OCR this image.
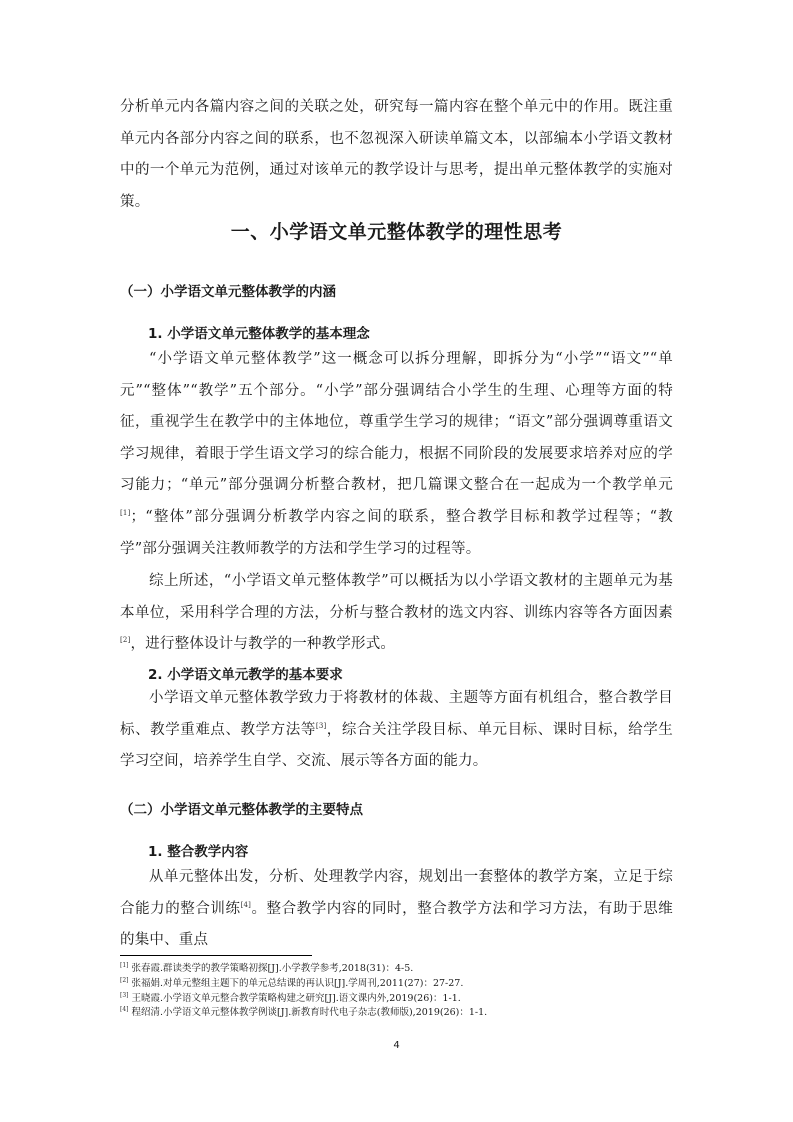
分析单元内各篇内容之间的关联之处，研究每一篇内容在整个单元中的作用。既注重单元内各部分内容之间的联系，也不忽视深入研读单篇文本，以部编本小学语文教材中的一个单元为范例，通过对该单元的教学设计与思考，提出单元整体教学的实施对策。
一、小学语文单元整体教学的理性思考
（一）小学语文单元整体教学的内涵
1. 小学语文单元整体教学的基本理念
“小学语文单元整体教学”这一概念可以拆分理解，即拆分为“小学”“语文”“单元”“整体”“教学”五个部分。“小学”部分强调结合小学生的生理、心理等方面的特征，重视学生在教学中的主体地位，尊重学生学习的规律；“语文”部分强调尊重语文学习规律，着眼于学生语文学习的综合能力，根据不同阶段的发展要求培养对应的学习能力；“单元”部分强调分析整合教材，把几篇课文整合在一起成为一个教学单元[1]；“整体”部分强调分析教学内容之间的联系，整合教学目标和教学过程等；“教学”部分强调关注教师教学的方法和学生学习的过程等。
综上所述，“小学语文单元整体教学”可以概括为以小学语文教材的主题单元为基本单位，采用科学合理的方法，分析与整合教材的选文内容、训练内容等各方面因素[2]，进行整体设计与教学的一种教学形式。
2. 小学语文单元教学的基本要求
小学语文单元整体教学致力于将教材的体裁、主题等方面有机组合，整合教学目标、教学重难点、教学方法等[3]，综合关注学段目标、单元目标、课时目标，给学生学习空间，培养学生自学、交流、展示等各方面的能力。
（二）小学语文单元整体教学的主要特点
1. 整合教学内容
从单元整体出发，分析、处理教学内容，规划出一套整体的教学方案，立足于综合能力的整合训练[4]。整合教学内容的同时，整合教学方法和学习方法，有助于思维的集中、重点
[1] 张春霞.群读类学的教学策略初探[J].小学教学参考,2018(31)：4-5.
[2] 张福娟.对单元整组主题下的单元总结课的再认识[J].学周刊,2011(27)：27-27.
[3] 王晓霞.小学语文单元整合教学策略构建之研究[J].语文课内外,2019(26)：1-1.
[4] 程绍清.小学语文单元整体教学例谈[J].新教育时代电子杂志(教师版),2019(26)：1-1.
4
